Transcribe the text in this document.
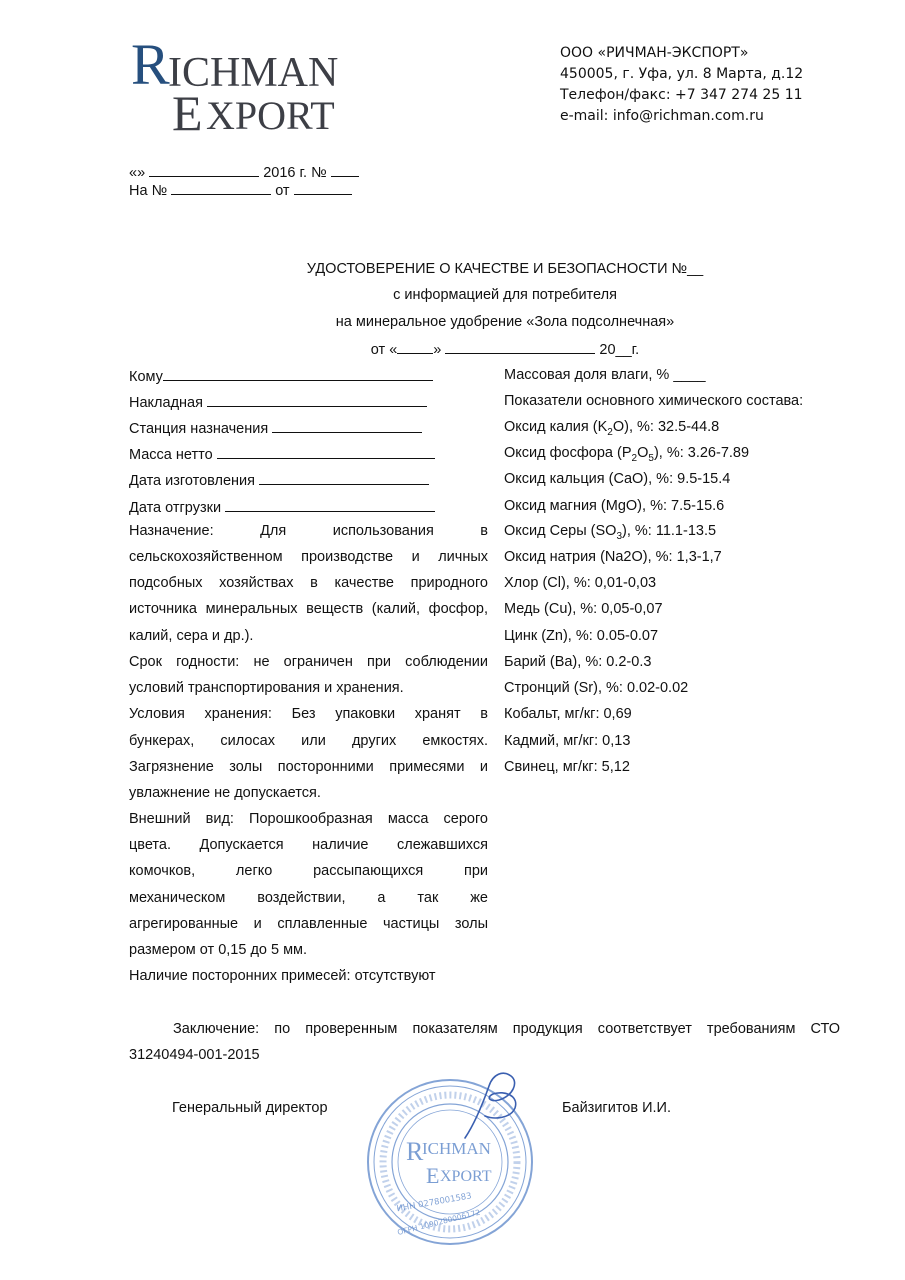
R
ICHMAN
E XPORT
ООО «РИЧМАН-ЭКСПОРТ»
450005, г. Уфа, ул. 8 Марта, д.12
Телефон/факс: +7 347 274 25 11
e-mail: info@richman.com.ru
«»	2016 г. №
На №	от
УДОСТОВЕРЕНИЕ О КАЧЕСТВЕ И БЕЗОПАСНОСТИ №__
с информацией для потребителя
на минеральное удобрение «Зола подсолнечная»
от « »	20__г.
Кому
Накладная
Станция назначения
Масса нетто
Дата изготовления
Дата отгрузки
Назначение: Для использования в
сельскохозяйственном производстве и личных
подсобных хозяйствах в качестве природного
источника минеральных веществ (калий, фосфор,
калий, сера и др.).
Срок годности: не ограничен при соблюдении
условий транспортирования и хранения.
Условия хранения: Без упаковки хранят в
бункерах, силосах или других емкостях.
Загрязнение золы посторонними примесями и
увлажнение не допускается.
Внешний вид: Порошкообразная масса серого
цвета. Допускается наличие слежавшихся
комочков, легко рассыпающихся при
механическом воздействии, а так же
агрегированные и сплавленные частицы золы
размером от 0,15 до 5 мм.
Наличие посторонних примесей: отсутствуют
Массовая доля влаги, % ____
Показатели основного химического состава:
Оксид калия $(K_2O)$, %: 32.5-44.8
Оксид фосфора $(P_2O_5)$, %: 3.26-7.89
Оксид кальция (CaO), %: 9.5-15.4
Оксид магния (MgO), %: 7.5-15.6
Оксид Серы $(SO_3)$, %: 11.1-13.5
Оксид натрия (Na2O), %: 1,3-1,7
Хлор (Cl), %: 0,01-0,03
Медь (Cu), %: 0,05-0,07
Цинк (Zn), %: 0.05-0.07
Барий (Ba), %: 0.2-0.3
Стронций (Sr), %: 0.02-0.02
Кобальт, мг/кг: 0,69
Кадмий, мг/кг: 0,13
Свинец, мг/кг: 5,12
Заключение: по проверенным показателям продукция соответствует требованиям СТО
31240494-001-2015
R
ICHMAN
E XPORT
ИНН 0278001583
ОГРН 1090280006172
Генеральный директор	Байзигитов И.И.
